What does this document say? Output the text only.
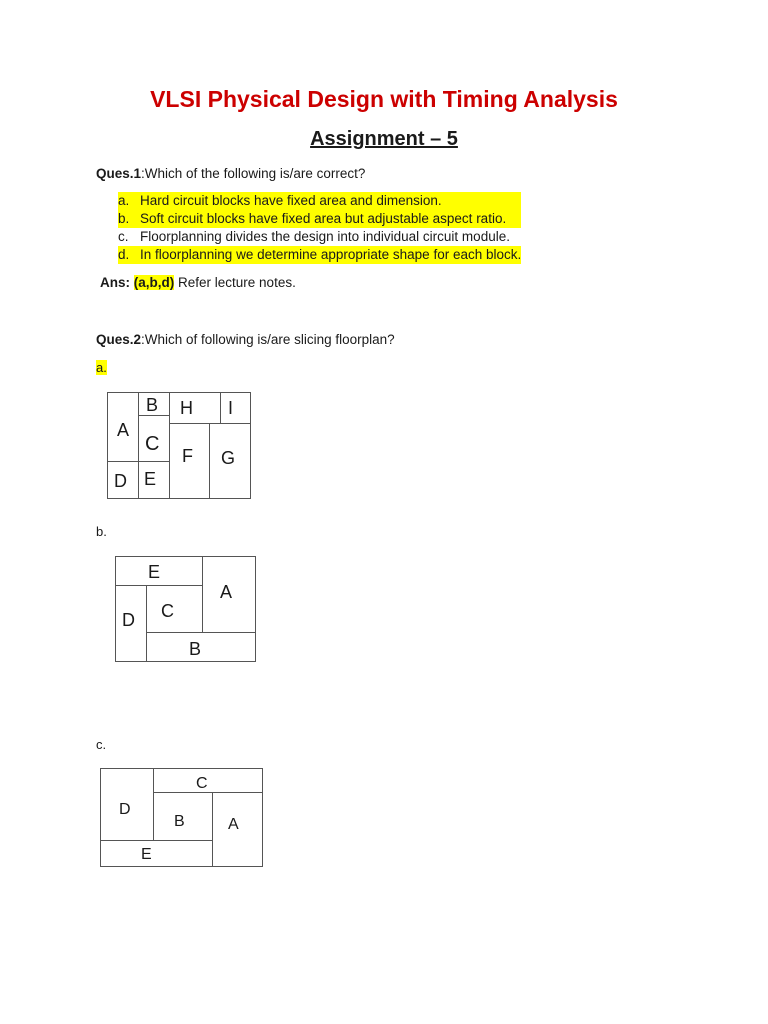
VLSI Physical Design with Timing Analysis
Assignment – 5
Ques.1:Which of the following is/are correct?
a. Hard circuit blocks have fixed area and dimension.
b. Soft circuit blocks have fixed area but adjustable aspect ratio.
c. Floorplanning divides the design into individual circuit module.
d. In floorplanning we determine appropriate shape for each block.
Ans: (a,b,d) Refer lecture notes.
Ques.2:Which of following is/are slicing floorplan?
a.
A
B
C
D E
F G
H I
b.
E
A
D C
B
c.
C
D
B	A
E
